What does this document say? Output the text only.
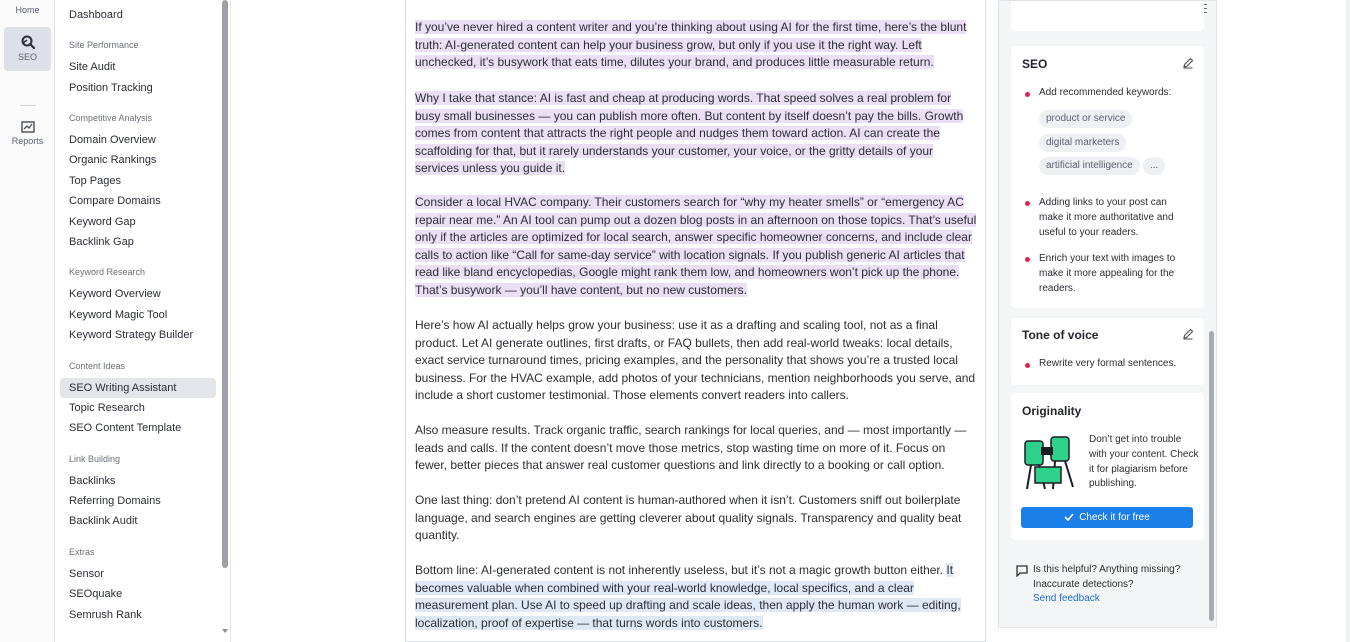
Home
SEO
Reports
Dashboard
Site Performance
Site Audit
Position Tracking
Competitive Analysis
Domain Overview
Organic Rankings
Top Pages
Compare Domains
Keyword Gap
Backlink Gap
Keyword Research
Keyword Overview
Keyword Magic Tool
Keyword Strategy Builder
Content Ideas
SEO Writing Assistant
Topic Research
SEO Content Template
Link Building
Backlinks
Referring Domains
Backlink Audit
Extras
Sensor
SEOquake
Semrush Rank
If you’ve never hired a content writer and you’re thinking about using AI for the first time, here’s the blunt truth: AI-generated content can help your business grow, but only if you use it the right way. Left unchecked, it’s busywork that eats time, dilutes your brand, and produces little measurable return.
Why I take that stance: AI is fast and cheap at producing words. That speed solves a real problem for busy small businesses — you can publish more often. But content by itself doesn’t pay the bills. Growth comes from content that attracts the right people and nudges them toward action. AI can create the scaffolding for that, but it rarely understands your customer, your voice, or the gritty details of your services unless you guide it.
Consider a local HVAC company. Their customers search for “why my heater smells” or “emergency AC repair near me.” An AI tool can pump out a dozen blog posts in an afternoon on those topics. That’s useful only if the articles are optimized for local search, answer specific homeowner concerns, and include clear calls to action like “Call for same-day service” with location signals. If you publish generic AI articles that read like bland encyclopedias, Google might rank them low, and homeowners won’t pick up the phone. That’s busywork — you’ll have content, but no new customers.
Here’s how AI actually helps grow your business: use it as a drafting and scaling tool, not as a final product. Let AI generate outlines, first drafts, or FAQ bullets, then add real-world tweaks: local details, exact service turnaround times, pricing examples, and the personality that shows you’re a trusted local business. For the HVAC example, add photos of your technicians, mention neighborhoods you serve, and include a short customer testimonial. Those elements convert readers into callers.
Also measure results. Track organic traffic, search rankings for local queries, and — most importantly — leads and calls. If the content doesn’t move those metrics, stop wasting time on more of it. Focus on fewer, better pieces that answer real customer questions and link directly to a booking or call option.
One last thing: don’t pretend AI content is human-authored when it isn’t. Customers sniff out boilerplate language, and search engines are getting cleverer about quality signals. Transparency and quality beat quantity.
Bottom line: AI-generated content is not inherently useless, but it’s not a magic growth button either. It becomes valuable when combined with your real-world knowledge, local specifics, and a clear measurement plan. Use AI to speed up drafting and scale ideas, then apply the human work — editing, localization, proof of expertise — that turns words into customers.
SEO
Add recommended keywords:
product or service
digital marketers
artificial intelligence	...
Adding links to your post can make it more authoritative and useful to your readers.
Enrich your text with images to make it more appealing for the readers.
Tone of voice
Rewrite very formal sentences.
Originality
Don’t get into trouble with your content. Check it for plagiarism before publishing.
Check it for free
Is this helpful? Anything missing? Inaccurate detections?
Send feedback
